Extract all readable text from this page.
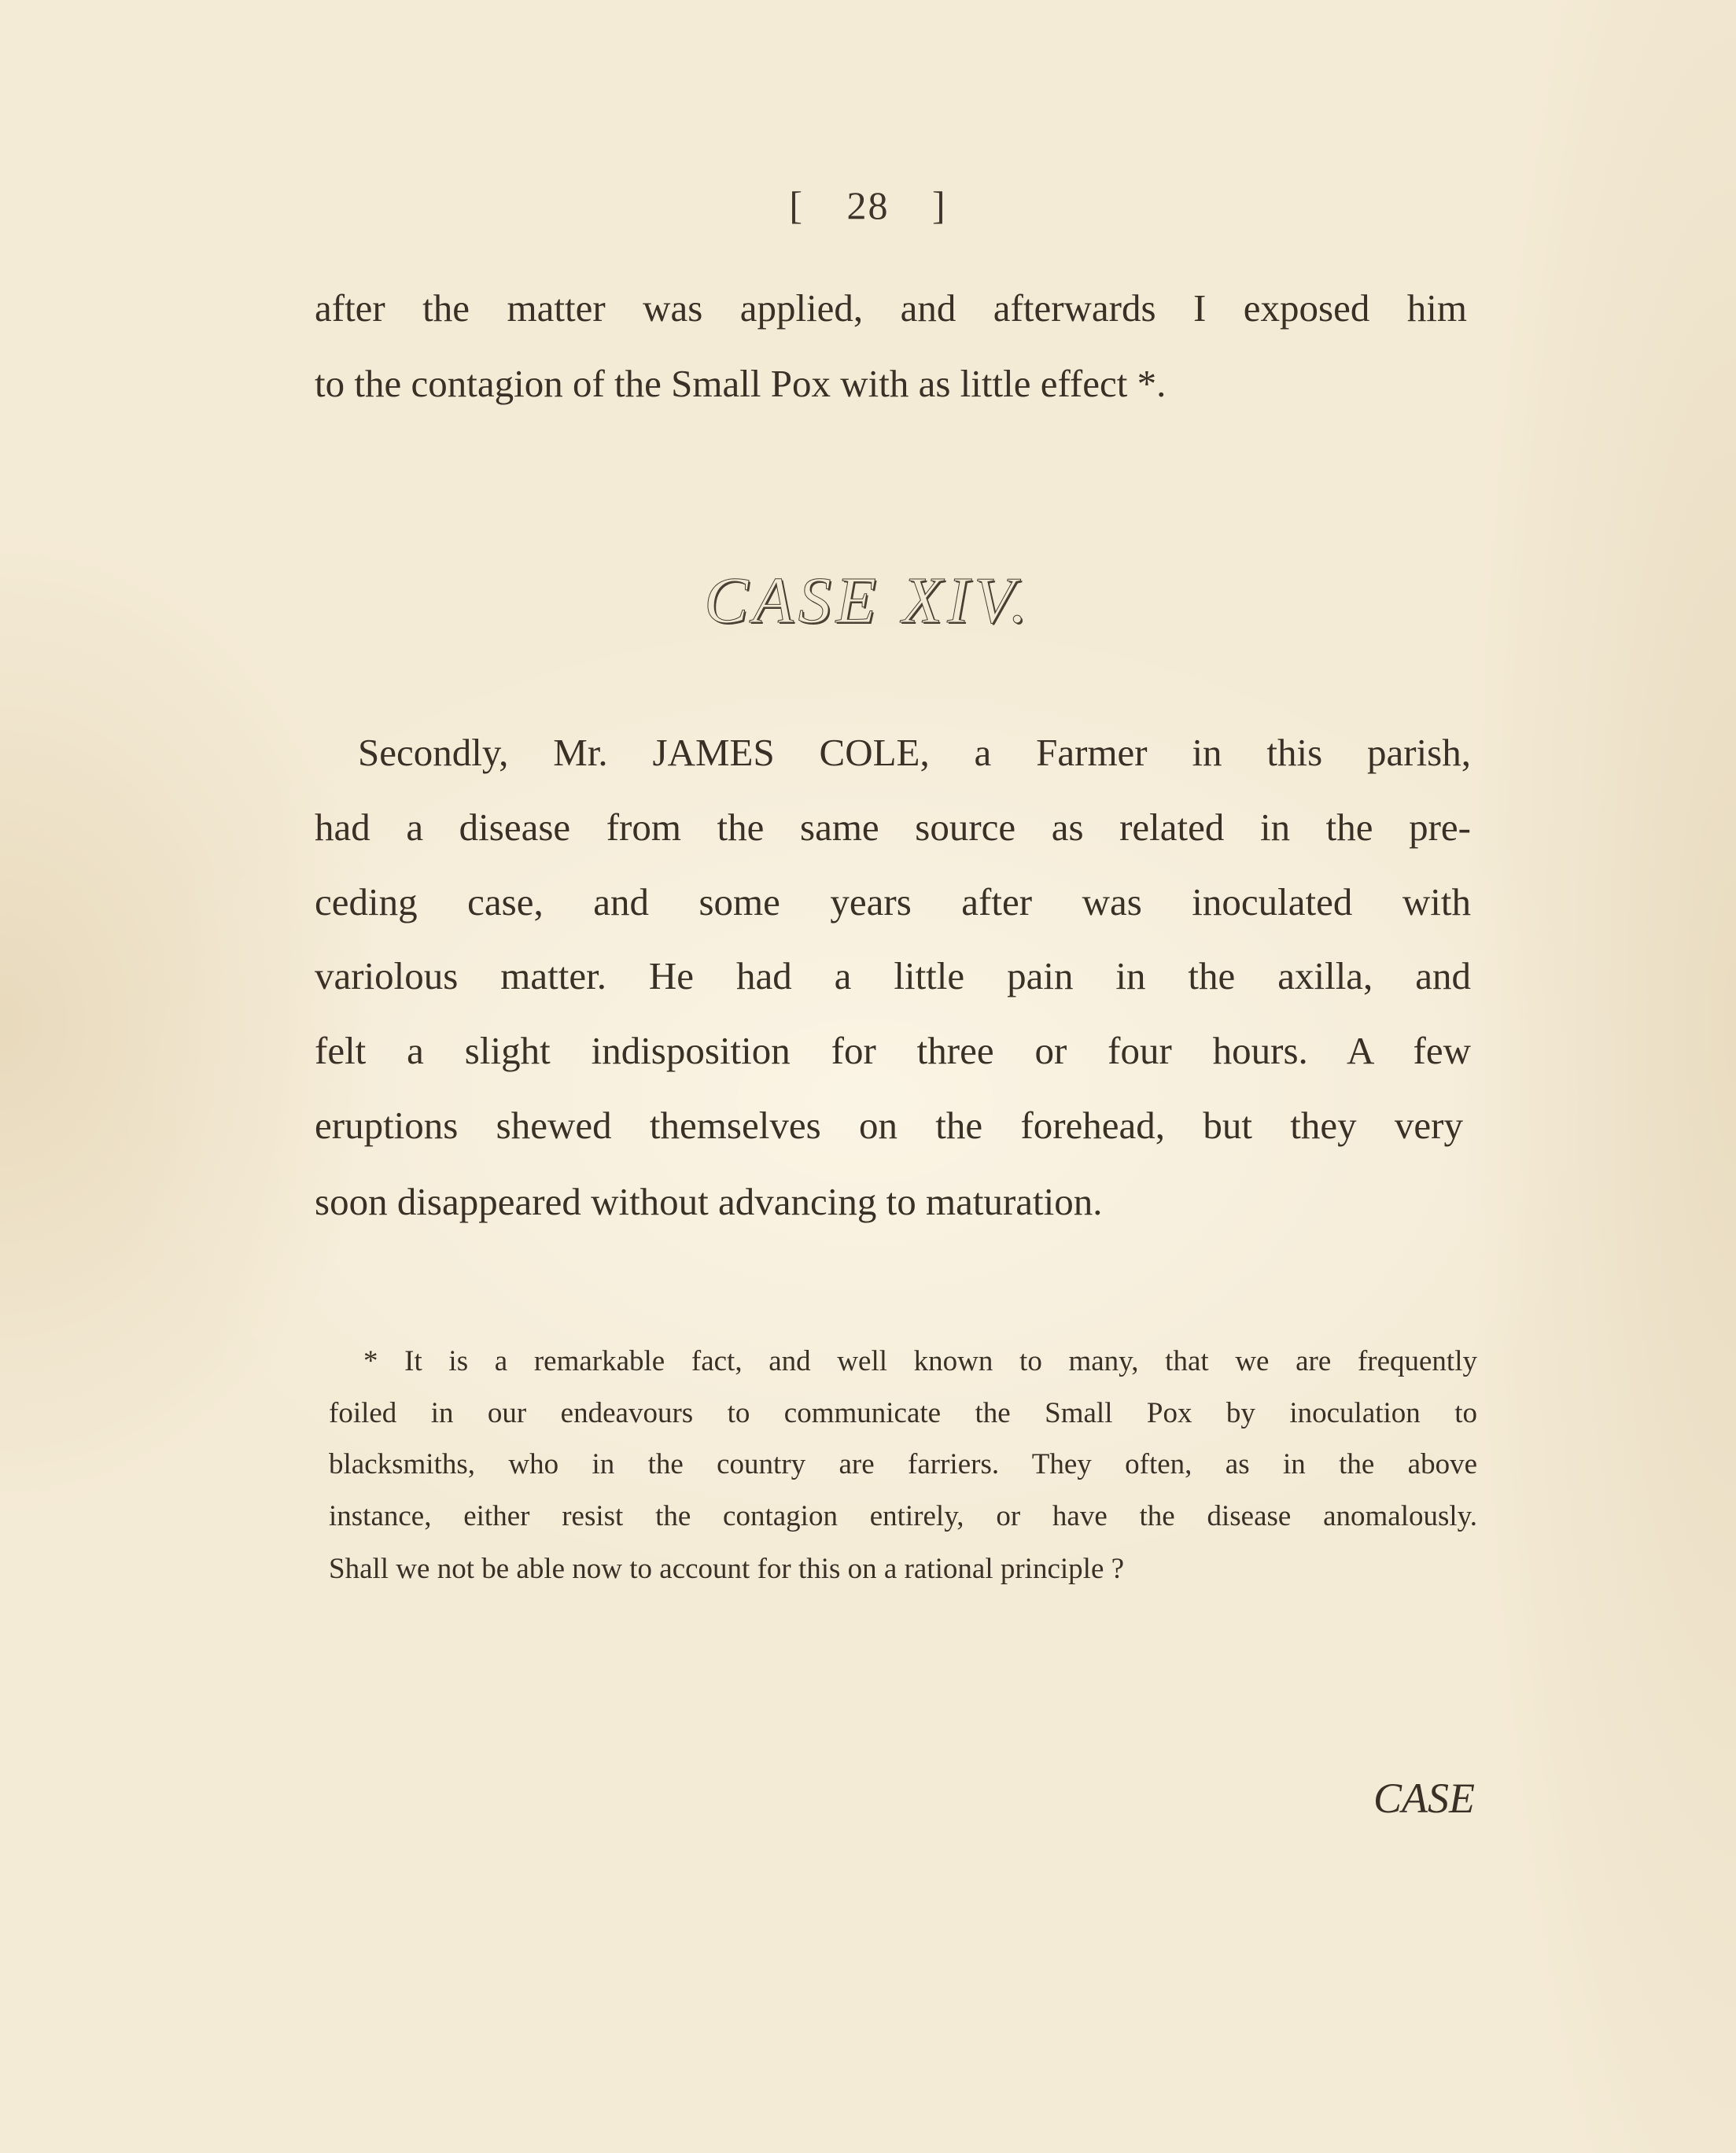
[ 28 ]
after the matter was applied, and afterwards I exposed him
to the contagion of the Small Pox with as little effect *.
CASE XIV.
Secondly, Mr. JAMES COLE, a Farmer in this parish,
had a disease from the same source as related in the pre-
ceding case, and some years after was inoculated with
variolous matter. He had a little pain in the axilla, and
felt a slight indisposition for three or four hours. A few
eruptions shewed themselves on the forehead, but they very
soon disappeared without advancing to maturation.
* It is a remarkable fact, and well known to many, that we are frequently
foiled in our endeavours to communicate the Small Pox by inoculation to
blacksmiths, who in the country are farriers. They often, as in the above
instance, either resist the contagion entirely, or have the disease anomalously.
Shall we not be able now to account for this on a rational principle ?
CASE
